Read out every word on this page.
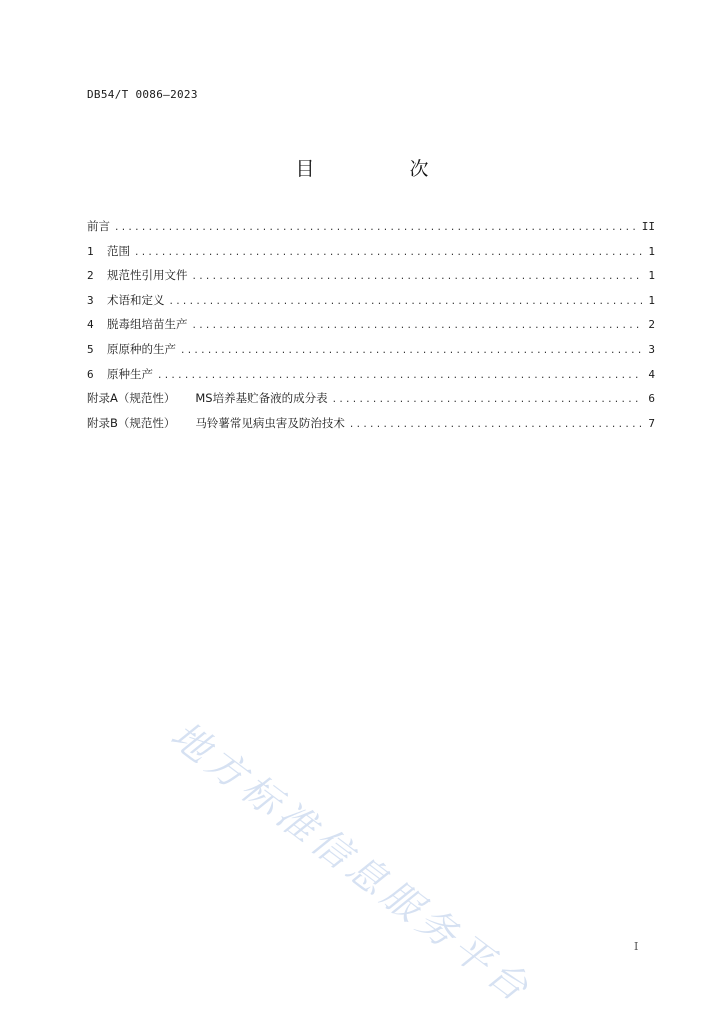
DB54/T 0086—2023
目　次
前言 .....	II
1	范围 .....	1
2	规范性引用文件 .....	1
3	术语和定义 .....	1
4	脱毒组培苗生产 .....	2
5	原原种的生产 .....	3
6	原种生产 .....	4
附录A（规范性） MS培养基贮备液的成分表 .....	6
附录B（规范性） 马铃薯常见病虫害及防治技术 .....	7
地方标准信息服务平台	I
